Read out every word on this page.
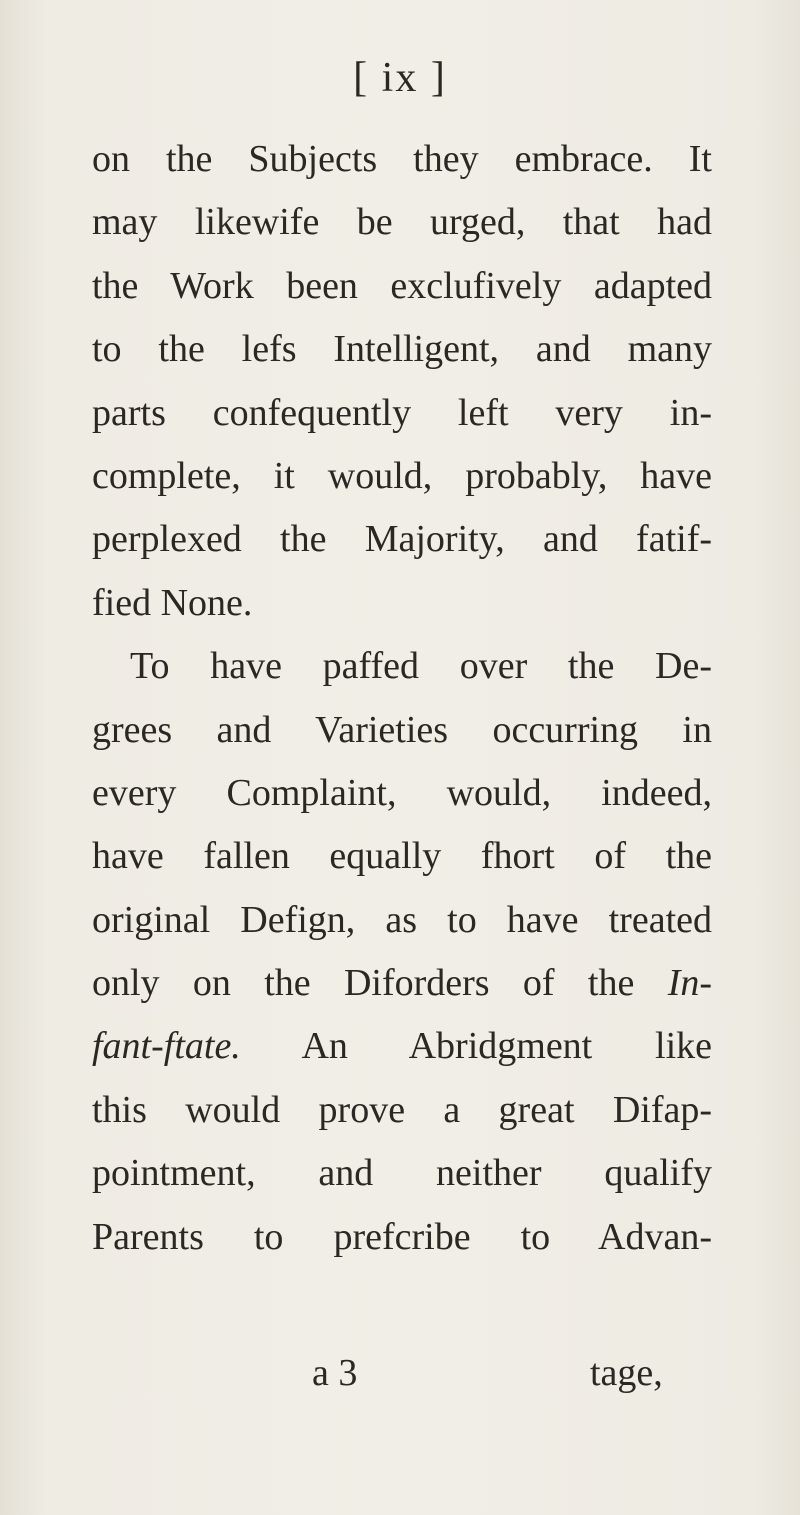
[ ix ]
on the Subjects they embrace. It
may likewife be urged, that had
the Work been exclufively adapted
to the lefs Intelligent, and many
parts confequently left very in-
complete, it would, probably, have
perplexed the Majority, and fatif-
fied None.
To have paffed over the De-
grees and Varieties occurring in
every Complaint, would, indeed,
have fallen equally fhort of the
original Defign, as to have treated
only on the Diforders of the In-
fant-ftate. An Abridgment like
this would prove a great Difap-
pointment, and neither qualify
Parents to prefcribe to Advan-
a 3	tage,
